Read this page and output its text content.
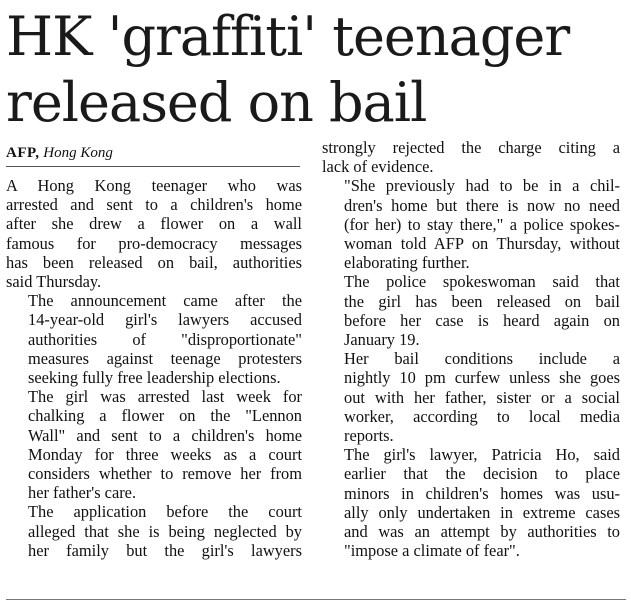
HK 'graffiti' teenager
released on bail
AFP, Hong Kong

A Hong Kong teenager who was
arrested and sent to a children's home
after she drew a flower on a wall
famous for pro-democracy messages
has been released on bail, authorities
said Thursday.

The announcement came after the
14-year-old girl's lawyers accused
authorities of "disproportionate"
measures against teenage protesters
seeking fully free leadership elections.

The girl was arrested last week for
chalking a flower on the "Lennon
Wall" and sent to a children's home
Monday for three weeks as a court
considers whether to remove her from
her father's care.

The application before the court
alleged that she is being neglected by
her family but the girl's lawyers

strongly rejected the charge citing a
lack of evidence.

"She previously had to be in a chil-
dren's home but there is now no need
(for her) to stay there," a police spokes-
woman told AFP on Thursday, without
elaborating further.

The police spokeswoman said that
the girl has been released on bail
before her case is heard again on
January 19.

Her bail conditions include a
nightly 10 pm curfew unless she goes
out with her father, sister or a social
worker, according to local media
reports.

The girl's lawyer, Patricia Ho, said
earlier that the decision to place
minors in children's homes was usu-
ally only undertaken in extreme cases
and was an attempt by authorities to
"impose a climate of fear".
